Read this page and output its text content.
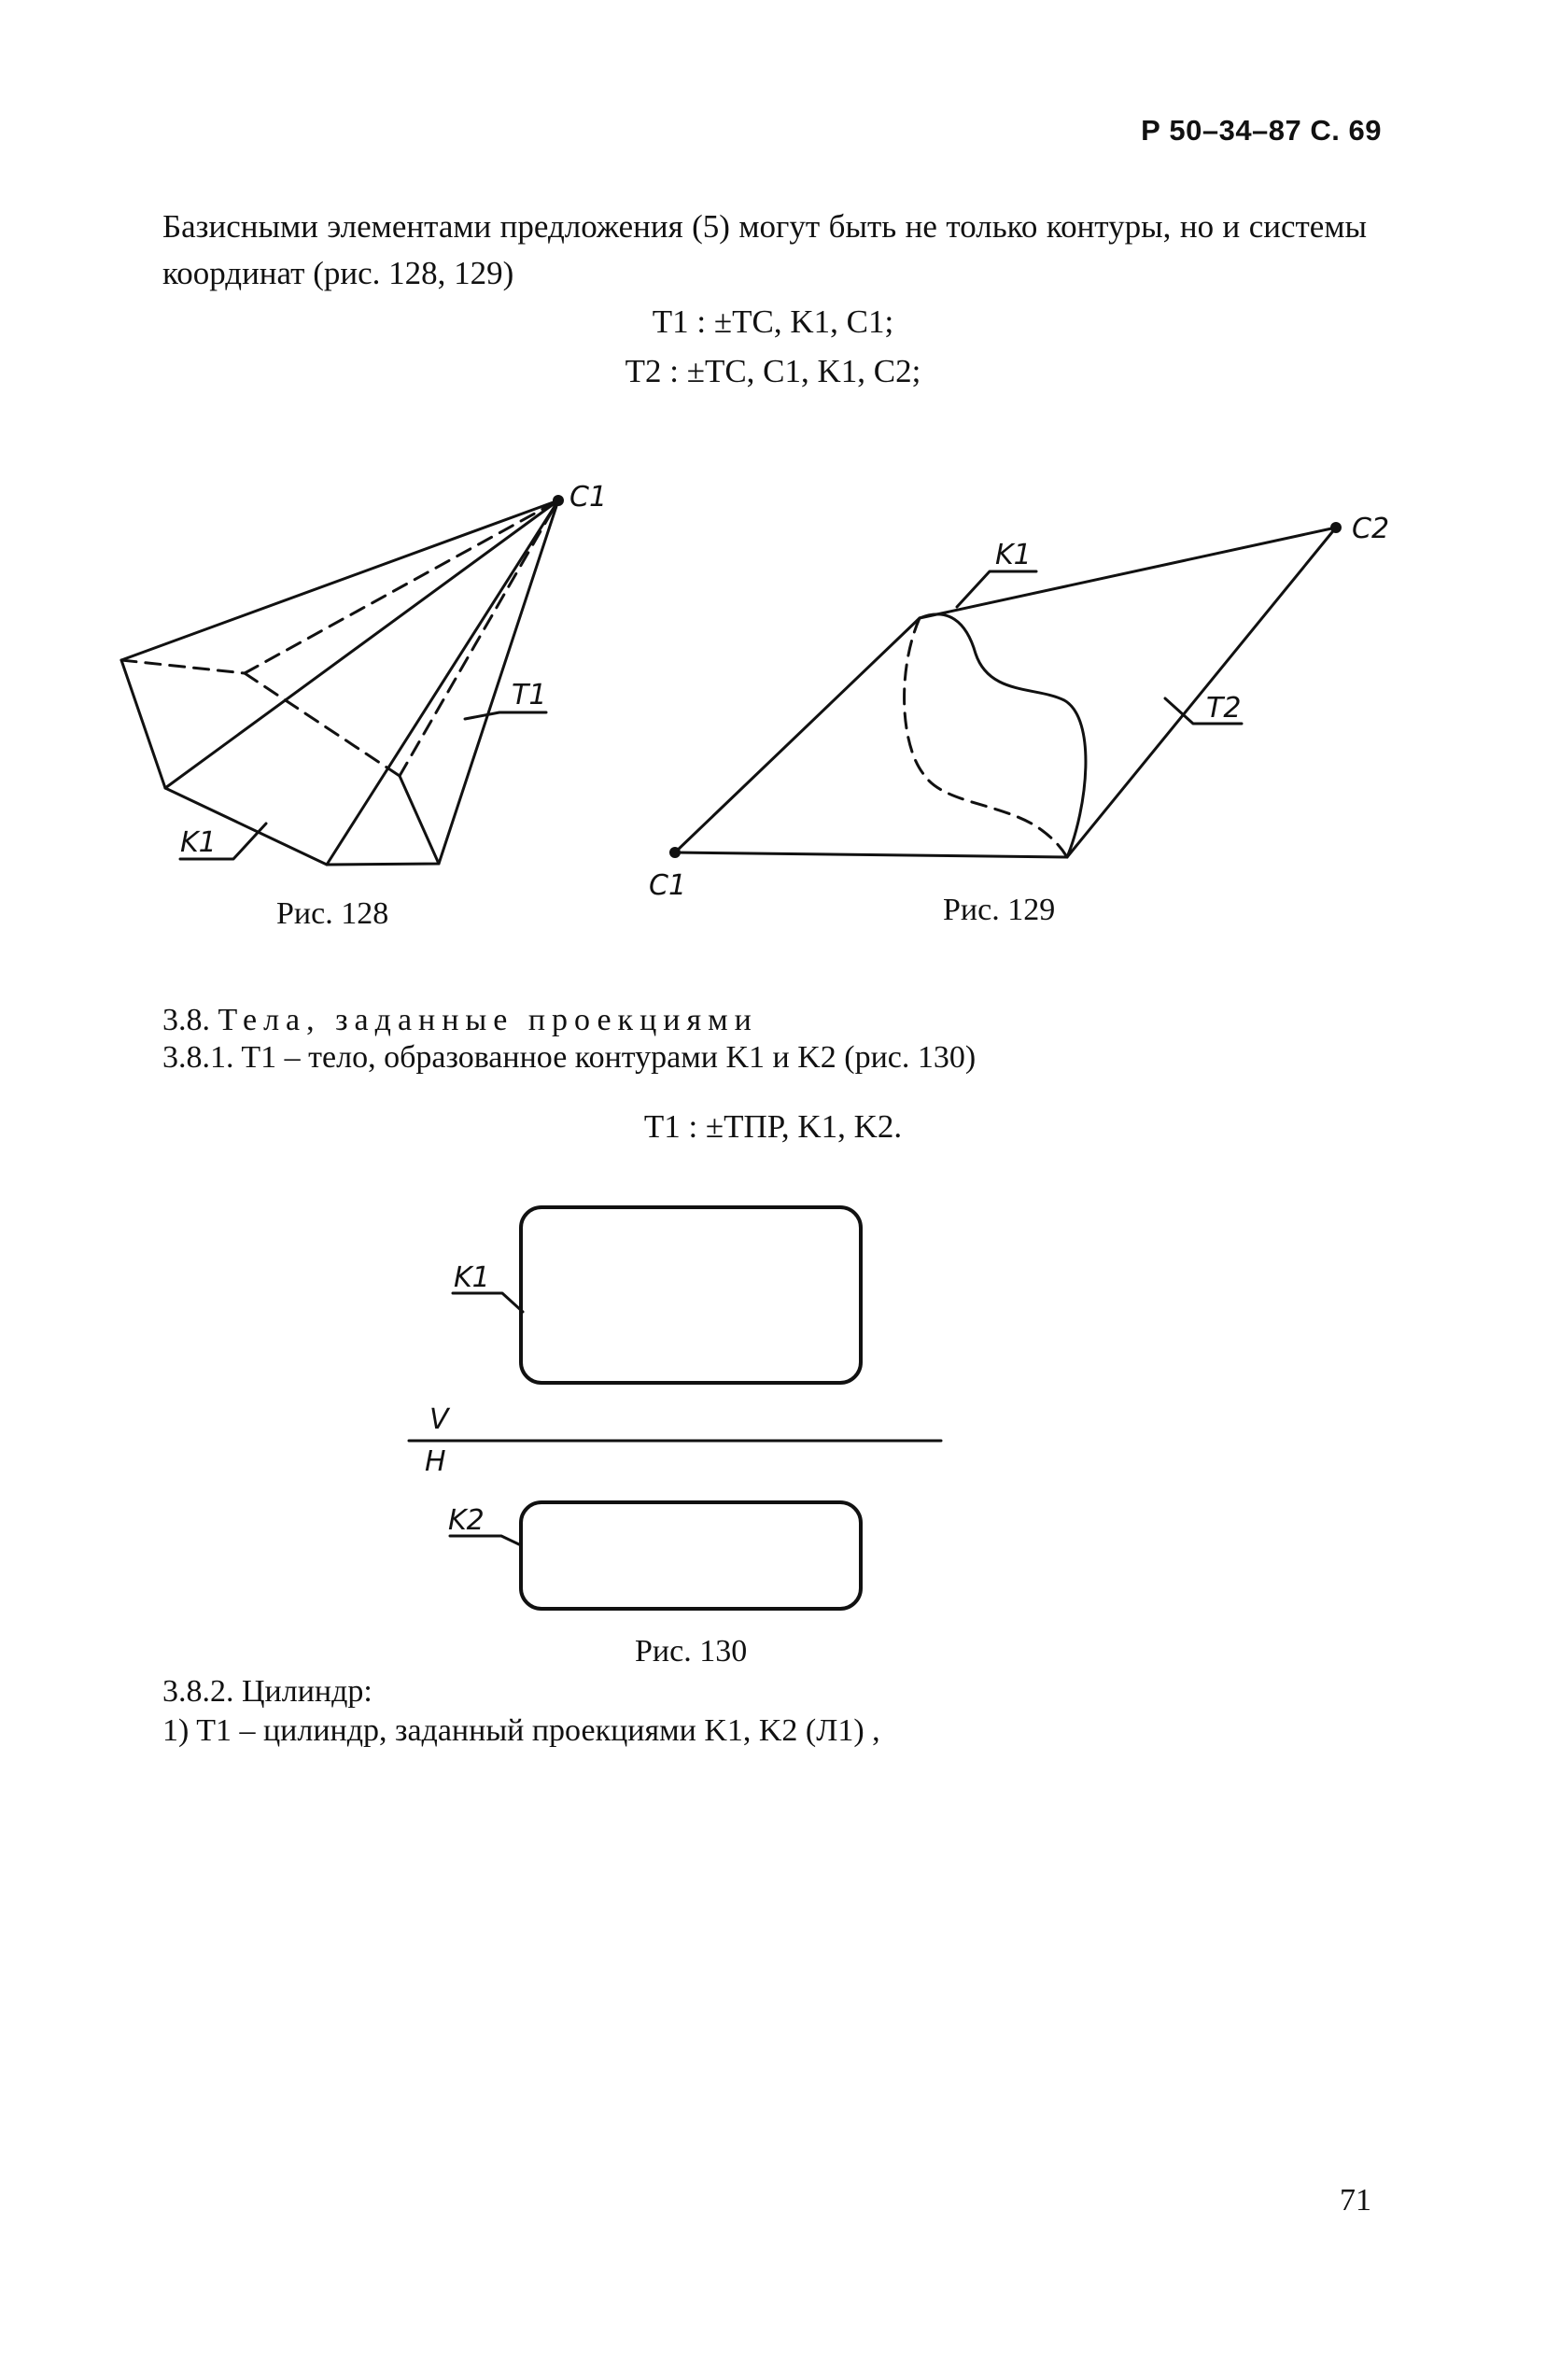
Р 50–34–87 С. 69
Базисными элементами предложения (5) могут быть не только контуры, но и системы координат (рис. 128, 129)
T1 : ±TC, K1, C1;
T2 : ±TC, C1, K1, C2;
C1
T1
K1
C2
K1
T2
C1
K1
V
H
K2
Рис. 128	Рис. 129
3.8. Тела, заданные проекциями
3.8.1. T1 – тело, образованное контурами K1 и K2 (рис. 130)
T1 : ±TПР, K1, K2.
Рис. 130
3.8.2. Цилиндр:
1) T1 – цилиндр, заданный проекциями K1, K2 (Л1) ,
71
